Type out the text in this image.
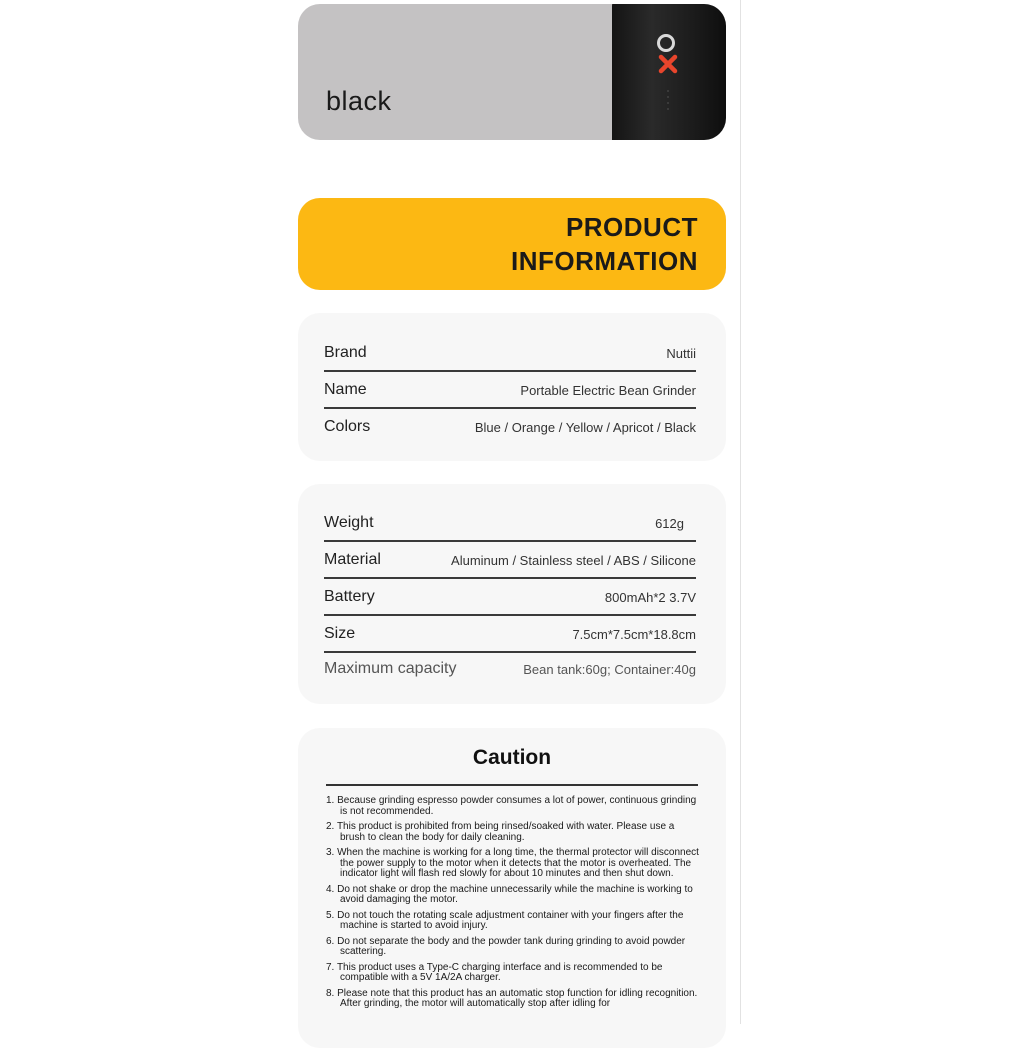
black
PRODUCT
INFORMATION
Brand	Nuttii
Name	Portable Electric Bean Grinder
Colors	Blue / Orange / Yellow / Apricot / Black
Weight	612g
Material	Aluminum / Stainless steel / ABS / Silicone
Battery	800mAh*2 3.7V
Size	7.5cm*7.5cm*18.8cm
Maximum capacity	Bean tank:60g; Container:40g
Caution
1. Because grinding espresso powder consumes a lot of power, continuous grinding is not recommended.
2. This product is prohibited from being rinsed/soaked with water. Please use a brush to clean the body for daily cleaning.
3. When the machine is working for a long time, the thermal protector will disconnect the power supply to the motor when it detects that the motor is overheated. The indicator light will flash red slowly for about 10 minutes and then shut down.
4. Do not shake or drop the machine unnecessarily while the machine is working to avoid damaging the motor.
5. Do not touch the rotating scale adjustment container with your fingers after the machine is started to avoid injury.
6. Do not separate the body and the powder tank during grinding to avoid powder scattering.
7. This product uses a Type-C charging interface and is recommended to be compatible with a 5V 1A/2A charger.
8. Please note that this product has an automatic stop function for idling recognition. After grinding, the motor will automatically stop after idling for
